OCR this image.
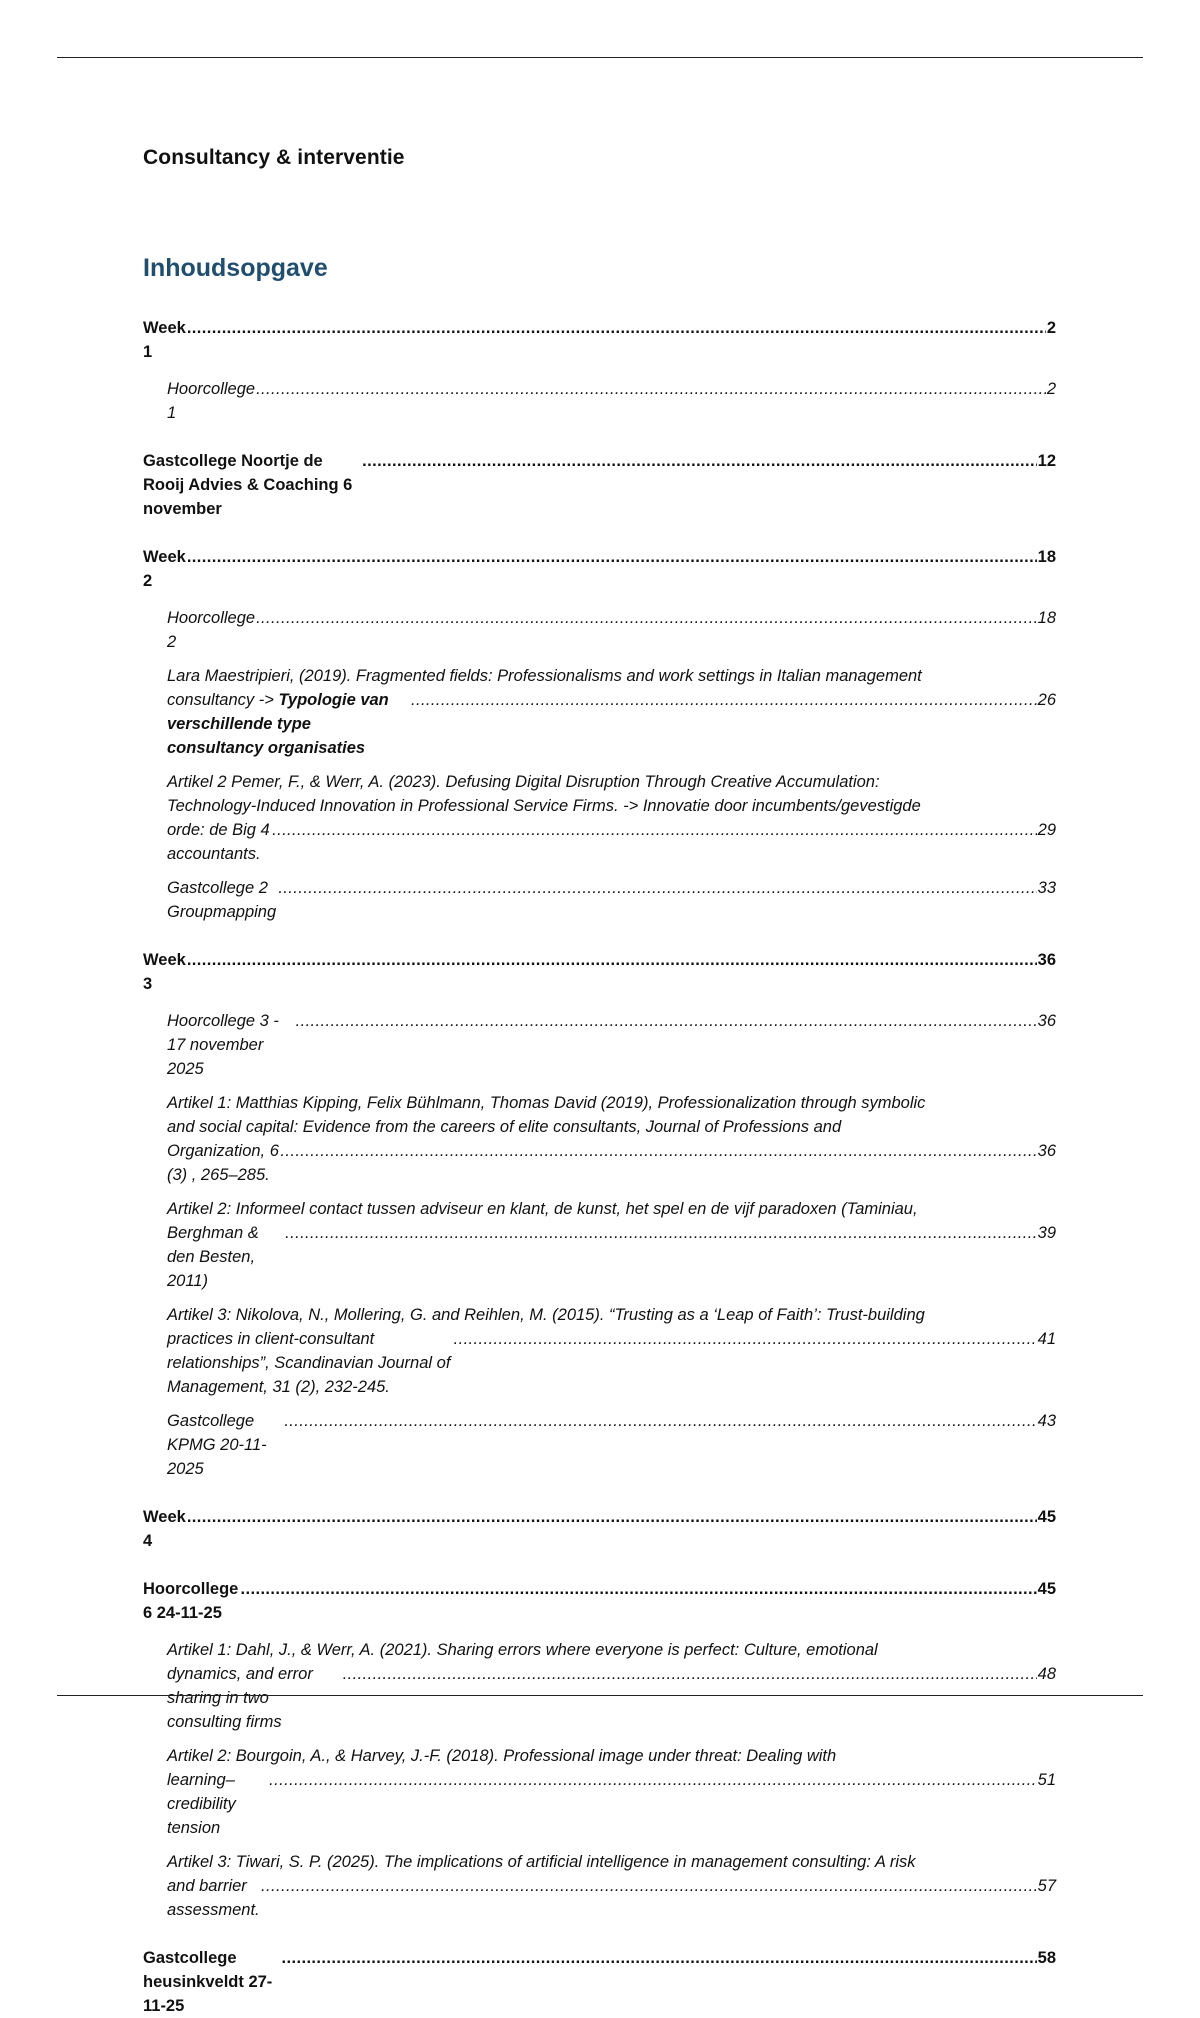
Consultancy & interventie
Inhoudsopgave
Week 1
.....
2
Hoorcollege 1
.....
2
Gastcollege Noortje de Rooij Advies & Coaching 6 november
.....
12
Week 2
.....
18
Hoorcollege 2
.....
18
Lara Maestripieri, (2019). Fragmented fields: Professionalisms and work settings in Italian management
consultancy -> Typologie van verschillende type consultancy organisaties
.....
26
Artikel 2 Pemer, F., & Werr, A. (2023). Defusing Digital Disruption Through Creative Accumulation:
Technology-Induced Innovation in Professional Service Firms. -> Innovatie door incumbents/gevestigde
orde: de Big 4 accountants.
.....
29
Gastcollege 2 Groupmapping
.....
33
Week 3
.....
36
Hoorcollege 3 - 17 november 2025
.....
36
Artikel 1: Matthias Kipping, Felix Bühlmann, Thomas David (2019), Professionalization through symbolic
and social capital: Evidence from the careers of elite consultants, Journal of Professions and
Organization, 6 (3) , 265–285.
.....
36
Artikel 2: Informeel contact tussen adviseur en klant, de kunst, het spel en de vijf paradoxen (Taminiau,
Berghman & den Besten, 2011)
.....
39
Artikel 3: Nikolova, N., Mollering, G. and Reihlen, M. (2015). “Trusting as a ‘Leap of Faith’: Trust-building
practices in client-consultant relationships”, Scandinavian Journal of Management, 31 (2), 232-245.
.....
41
Gastcollege KPMG 20-11-2025
.....
43
Week 4
.....
45
Hoorcollege 6 24-11-25
.....
45
Artikel 1: Dahl, J., & Werr, A. (2021). Sharing errors where everyone is perfect: Culture, emotional
dynamics, and error sharing in two consulting firms
.....
48
Artikel 2: Bourgoin, A., & Harvey, J.-F. (2018). Professional image under threat: Dealing with
learning–credibility tension
.....
51
Artikel 3: Tiwari, S. P. (2025). The implications of artificial intelligence in management consulting: A risk
and barrier assessment.
.....
57
Gastcollege heusinkveldt 27-11-25
.....
58
